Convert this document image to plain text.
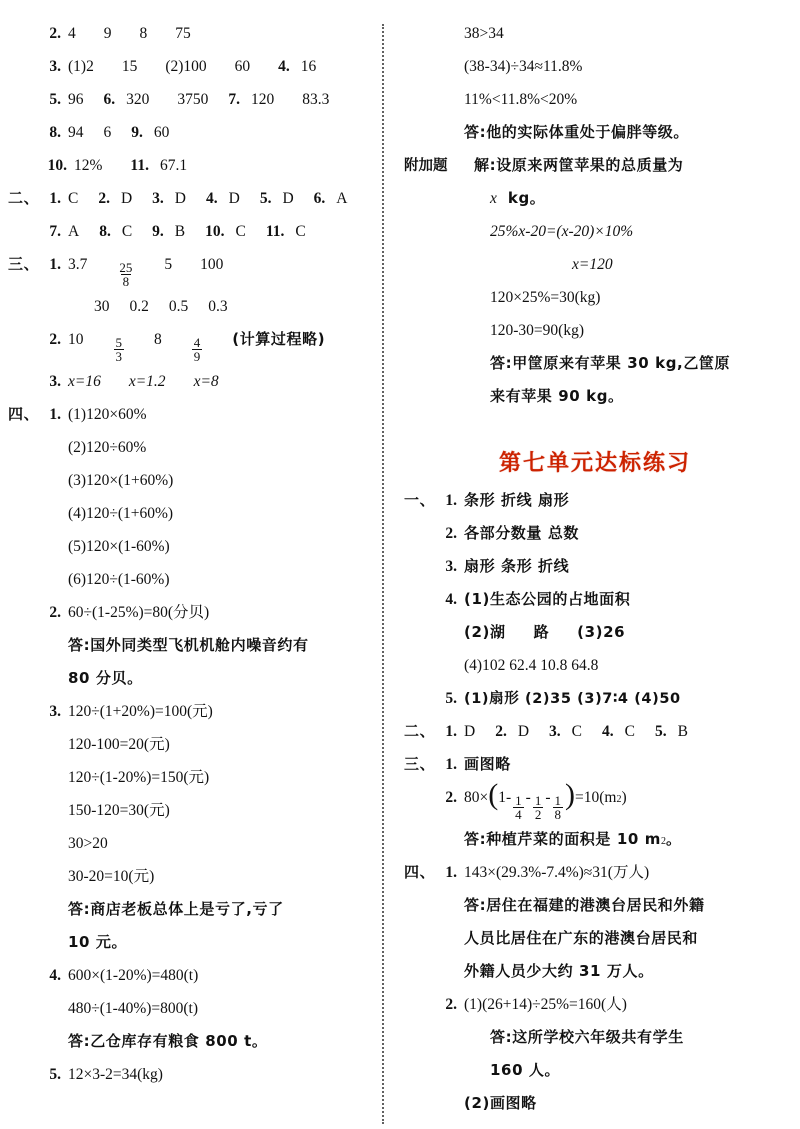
2. 4 9 8 75
3. (1)2 15 (2)100 60 4. 16
5. 96 6. 320 3750 7. 120 83.3
8. 94 6 9. 60
10. 12% 11. 67.1
二、 1. C 2. D 3. D 4. D 5. D 6. A
7. A 8. C 9. B 10. C 11. C
三、 1. $3.7 \frac{25}{8} 5$ 100
30 0.2 0.5 0.3
2. $10 \frac{5}{3} 8 \frac{4}{9}$ (计算过程略)
3. x=16 x=1.2 x=8
四、 1. (1)120×60%
(2)120÷60%
(3)120×(1+60%)
(4)120÷(1+60%)
(5)120×(1-60%)
(6)120÷(1-60%)
2. 60÷(1-25%)=80(分贝)
答:国外同类型飞机机舱内噪音约有
80 分贝。
3. 120÷(1+20%)=100(元)
120-100=20(元)
120÷(1-20%)=150(元)
150-120=30(元)
30>20
30-20=10(元)
答:商店老板总体上是亏了,亏了
10 元。
4. 600×(1-20%)=480(t)
480÷(1-40%)=800(t)
答:乙仓库存有粮食 800 t。
5. 12×3-2=34(kg)
38>34
(38-34)÷34≈11.8%
11%<11.8%<20%
答:他的实际体重处于偏胖等级。
附加题	解:设原来两筐苹果的总质量为
x kg。
25%x-20=(x-20)×10%
x=120
120×25%=30(kg)
120-30=90(kg)
答:甲筐原来有苹果 30 kg,乙筐原
来有苹果 90 kg。
第七单元达标练习
一、 1. 条形 折线 扇形
2. 各部分数量 总数
3. 扇形 条形 折线
4. (1)生态公园的占地面积
(2)湖 路 (3)26
(4)102 62.4 10.8 64.8
5. (1)扇形 (2)35 (3)7∶4 (4)50
二、 1. D 2. D 3. C 4. C 5. B
三、 1. 画图略
2. 80× ( $1 - \frac{1}{4} - \frac{1}{2} - \frac{1}{8}$ ) =10(m 2 )
答:种植芹菜的面积是 10 m 2 。
四、 1. 143×(29.3%-7.4%)≈31(万人)
答:居住在福建的港澳台居民和外籍
人员比居住在广东的港澳台居民和
外籍人员少大约 31 万人。
2. (1)(26+14)÷25%=160(人)
答:这所学校六年级共有学生
160 人。
(2)画图略
